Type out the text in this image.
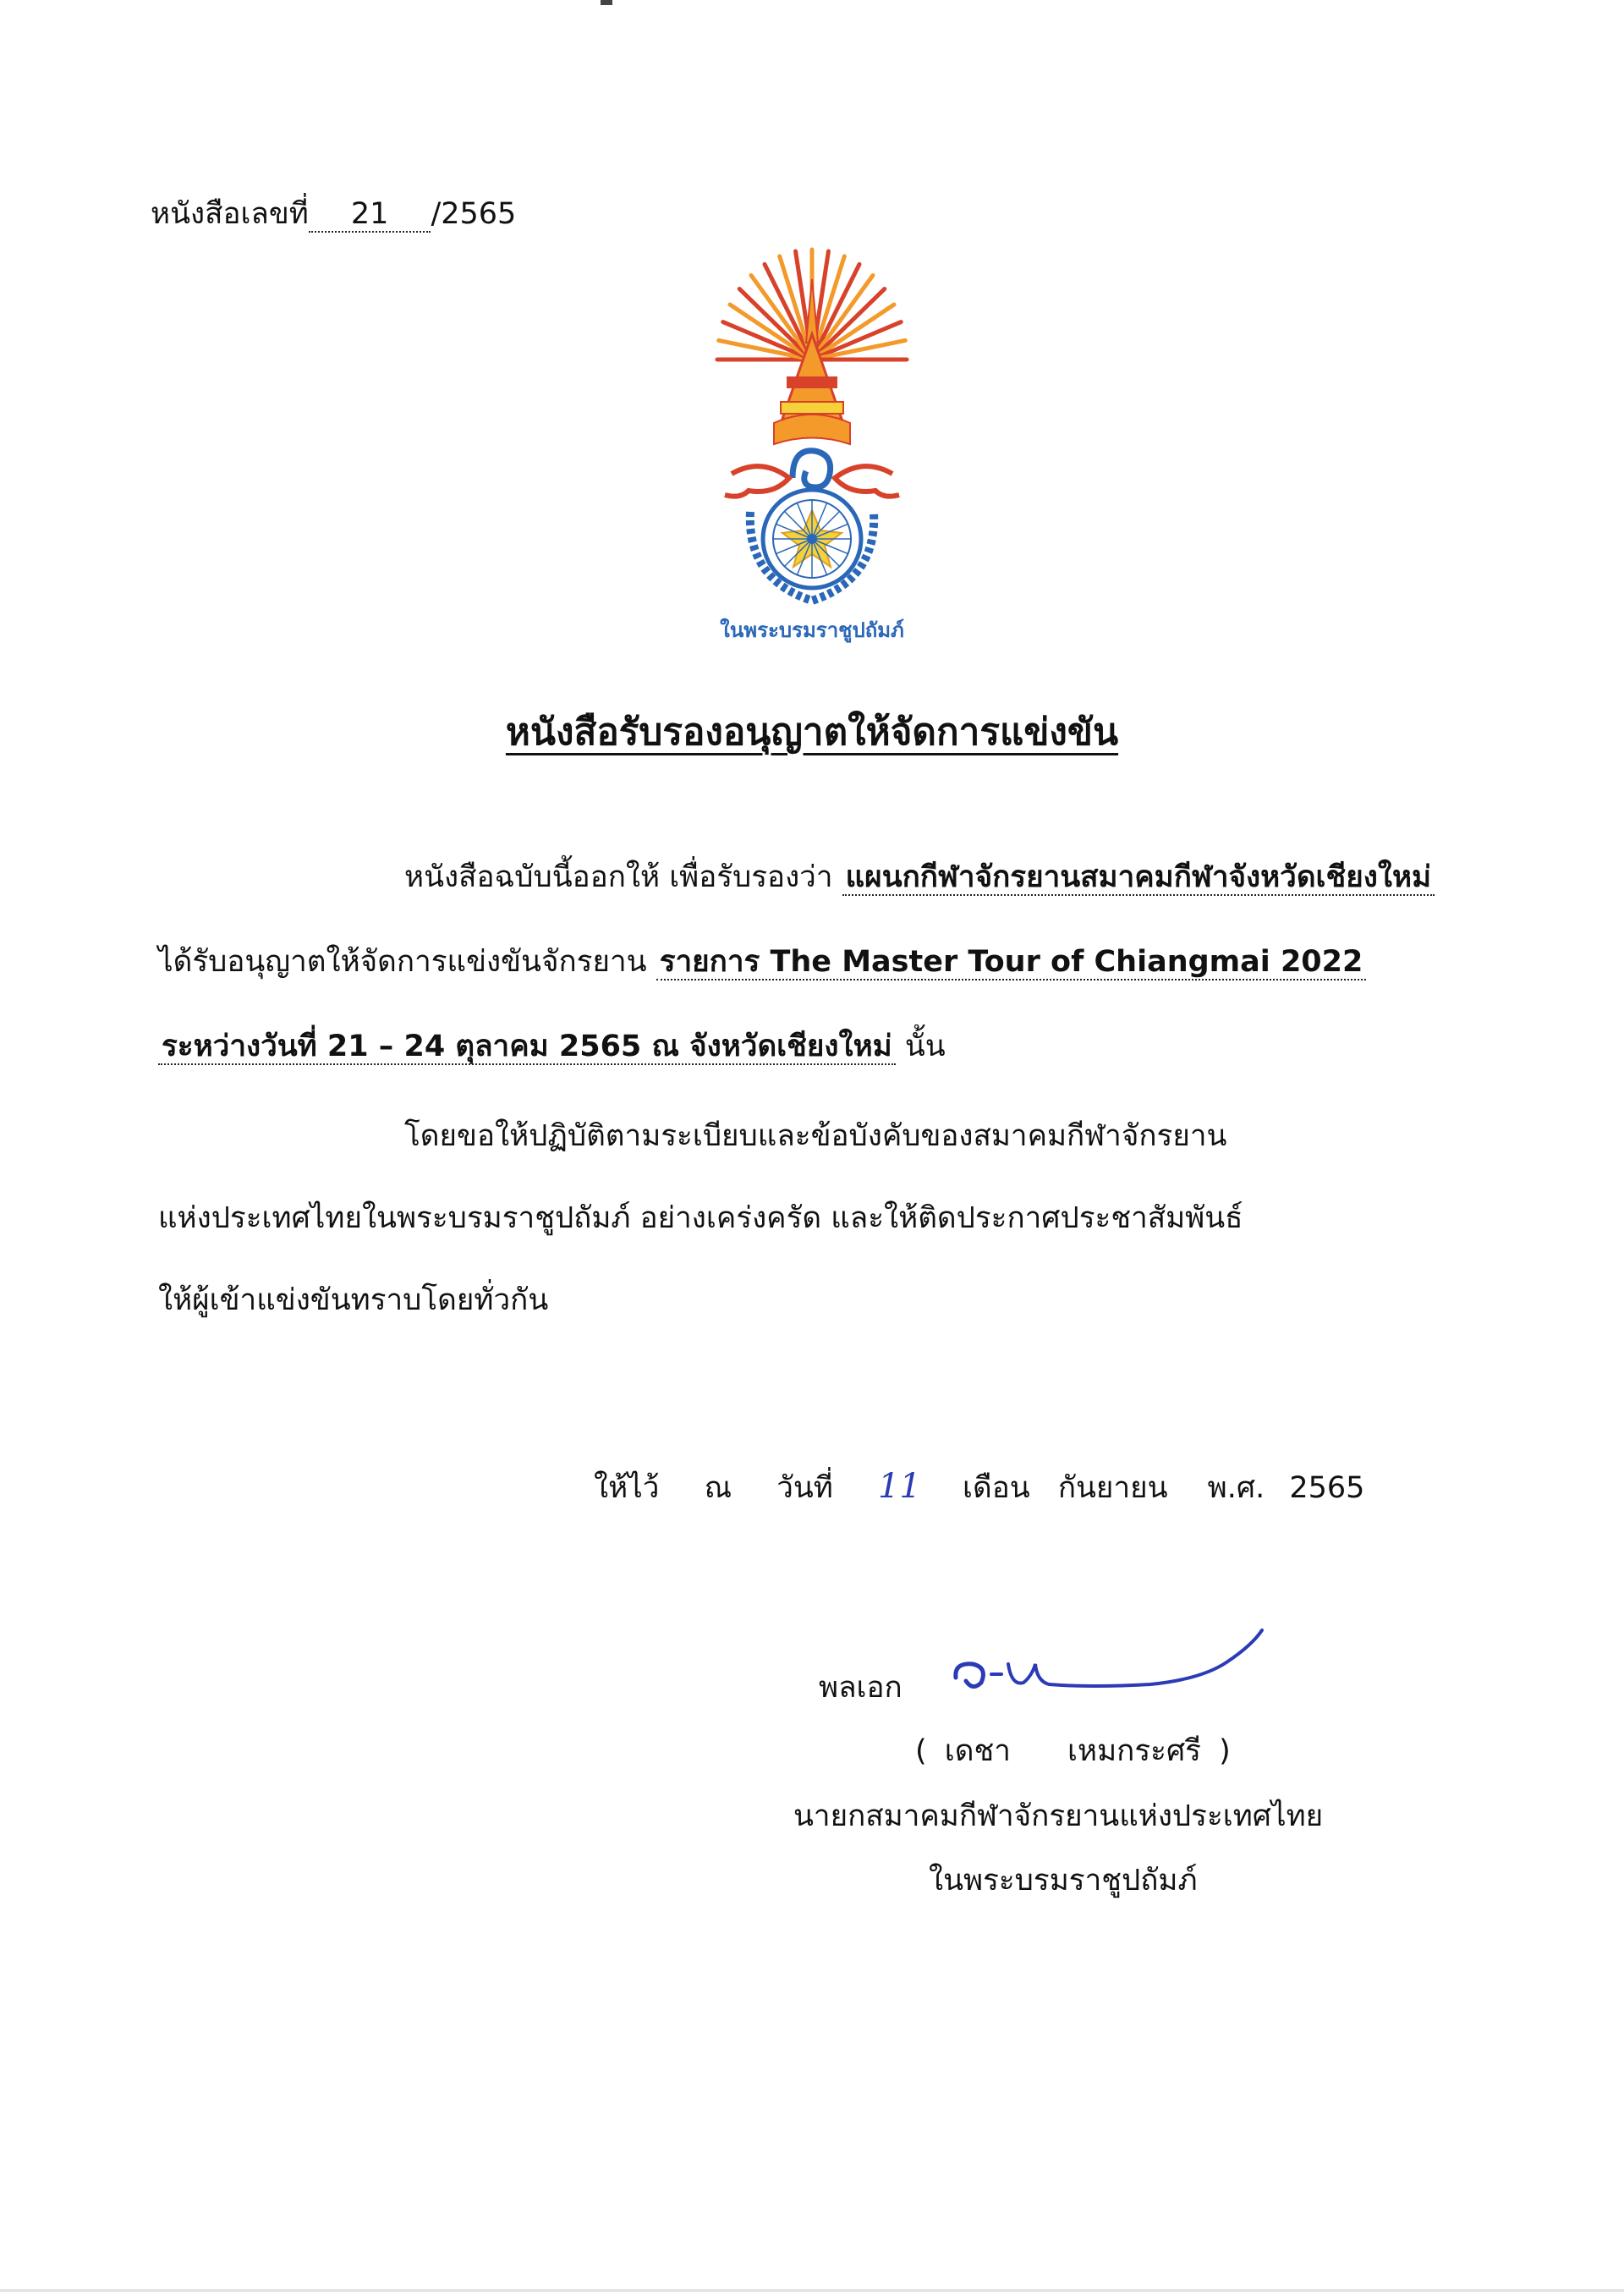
หนังสือเลขที่ 21 /2565
ในพระบรมราชูปถัมภ์
หนังสือรับรองอนุญาตให้จัดการแข่งขัน
หนังสือฉบับนี้ออกให้ เพื่อรับรองว่า แผนกกีฬาจักรยานสมาคมกีฬาจังหวัดเชียงใหม่
ได้รับอนุญาตให้จัดการแข่งขันจักรยาน รายการ The Master Tour of Chiangmai 2022
ระหว่างวันที่ 21 – 24 ตุลาคม 2565 ณ จังหวัดเชียงใหม่ นั้น
โดยขอให้ปฏิบัติตามระเบียบและข้อบังคับของสมาคมกีฬาจักรยาน
แห่งประเทศไทยในพระบรมราชูปถัมภ์ อย่างเคร่งครัด และให้ติดประกาศประชาสัมพันธ์
ให้ผู้เข้าแข่งขันทราบโดยทั่วกัน
ให้ไว้ ณ วันที่ 11 เดือน กันยายน พ.ศ. 2565
พลเอก
( เดชา เหมกระศรี )
นายกสมาคมกีฬาจักรยานแห่งประเทศไทย
ในพระบรมราชูปถัมภ์
